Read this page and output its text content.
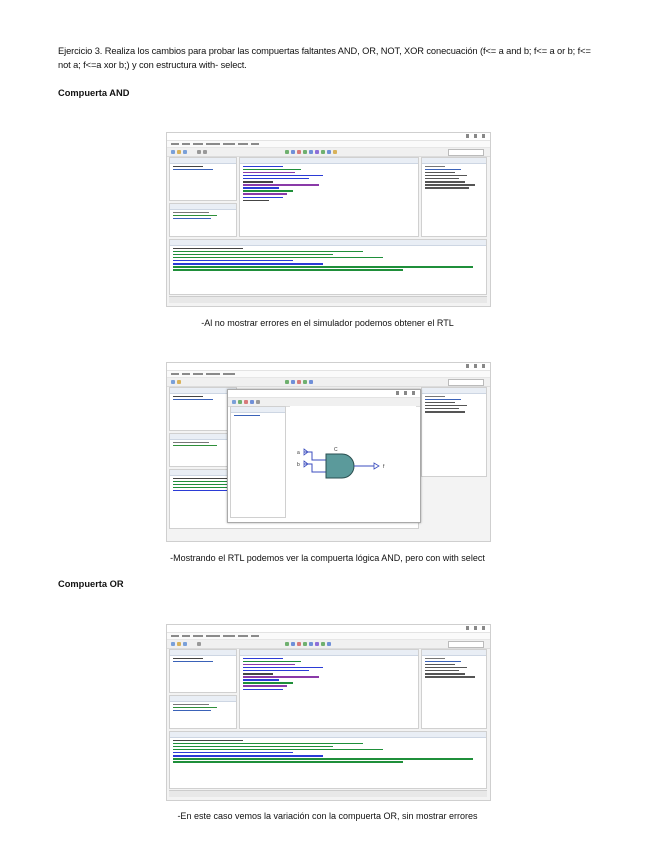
Ejercicio 3. Realiza los cambios para probar las compuertas faltantes AND, OR, NOT, XOR conecuación (f<= a and b; f<= a or b; f<= not a; f<=a xor b;) y con estructura with- select.
Compuerta AND
-Al no mostrar errores en el simulador podemos obtener el RTL
C
a
b	f
-Mostrando el RTL podemos ver la compuerta lógica AND, pero con with select
Compuerta OR
-En este caso vemos la variación con la compuerta OR, sin mostrar errores
